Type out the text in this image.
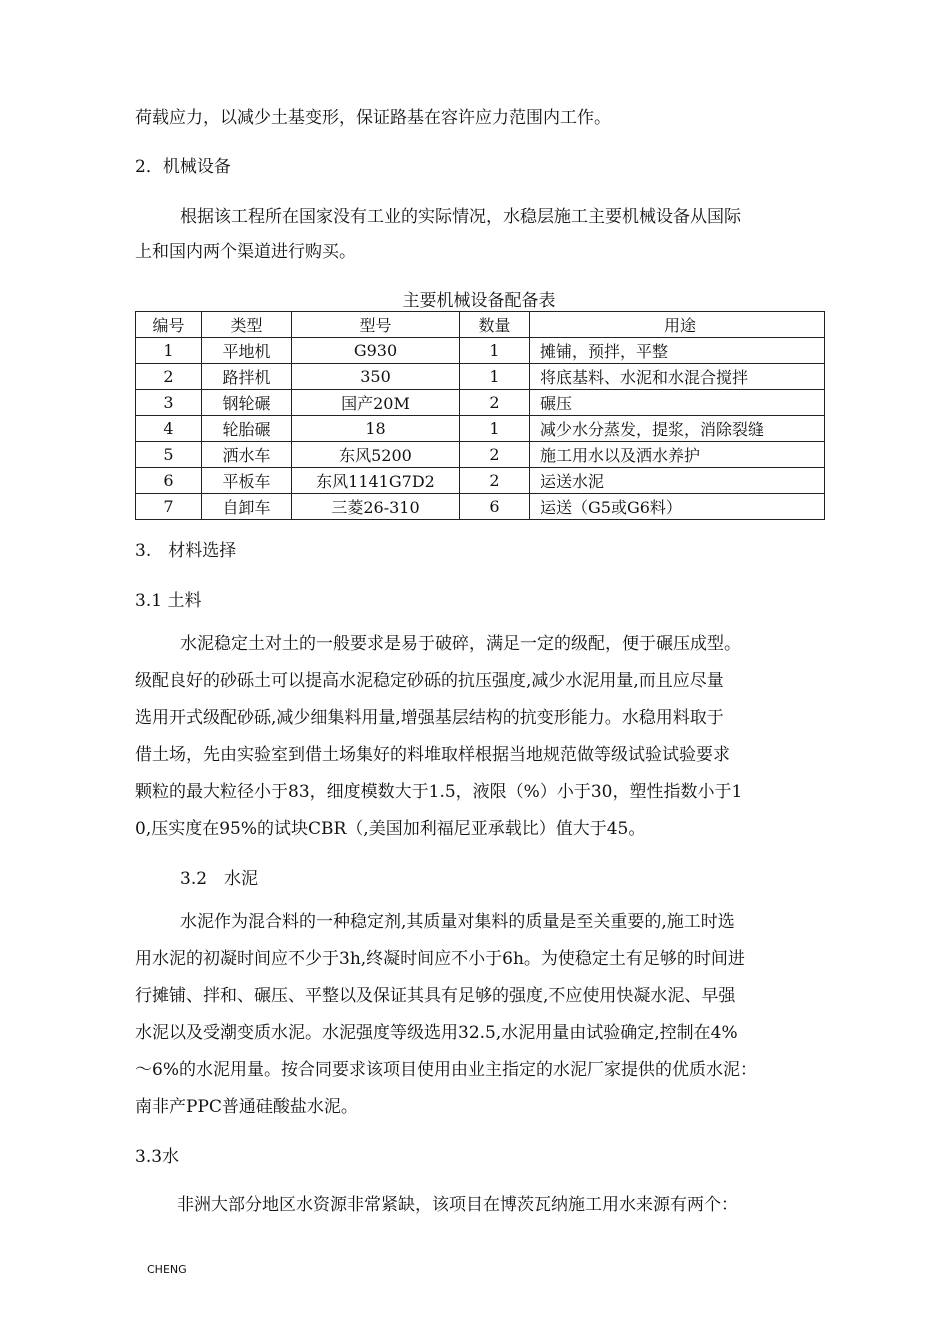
荷载应力，以减少土基变形，保证路基在容许应力范围内工作。
2．机械设备
根据该工程所在国家没有工业的实际情况，水稳层施工主要机械设备从国际
上和国内两个渠道进行购买。
主要机械设备配备表
编号	类型	型号	数量	用途
1	平地机	G930	1	摊铺，预拌，平整
2	路拌机	350	1	将底基料、水泥和水混合搅拌
3	钢轮碾	国产20M	2	碾压
4	轮胎碾	18	1	减少水分蒸发，提浆，消除裂缝
5	洒水车	东风5200	2	施工用水以及洒水养护
6	平板车	东风1141G7D2	2	运送水泥
7	自卸车	三菱26-310	6	运送（G5或G6料）
3.　材料选择
3.1 土料
水泥稳定土对土的一般要求是易于破碎，满足一定的级配，便于碾压成型。
级配良好的砂砾土可以提高水泥稳定砂砾的抗压强度,减少水泥用量,而且应尽量
选用开式级配砂砾,减少细集料用量,增强基层结构的抗变形能力。水稳用料取于
借土场，先由实验室到借土场集好的料堆取样根据当地规范做等级试验试验要求
颗粒的最大粒径小于83，细度模数大于1.5，液限（%）小于30，塑性指数小于1
0,压实度在95%的试块CBR（,美国加利福尼亚承载比）值大于45。
3.2　水泥
水泥作为混合料的一种稳定剂,其质量对集料的质量是至关重要的,施工时选
用水泥的初凝时间应不少于3h,终凝时间应不小于6h。为使稳定土有足够的时间进
行摊铺、拌和、碾压、平整以及保证其具有足够的强度,不应使用快凝水泥、早强
水泥以及受潮变质水泥。水泥强度等级选用32.5,水泥用量由试验确定,控制在4%
～6%的水泥用量。按合同要求该项目使用由业主指定的水泥厂家提供的优质水泥：
南非产PPC普通硅酸盐水泥。
3.3水
非洲大部分地区水资源非常紧缺，该项目在博茨瓦纳施工用水来源有两个：
CHENG
